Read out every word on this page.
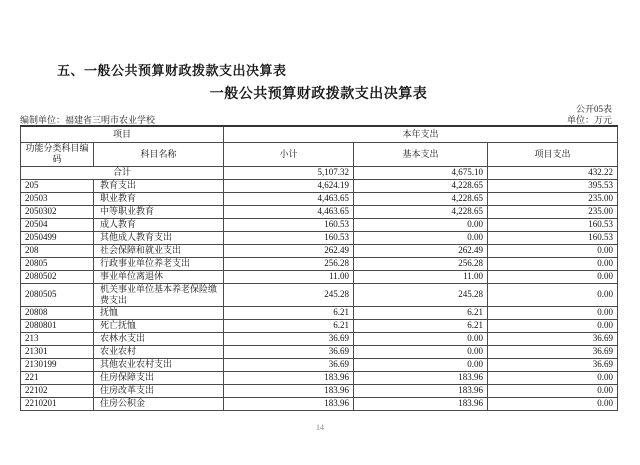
五、一般公共预算财政拨款支出决算表
一般公共预算财政拨款支出决算表
公开05表
编制单位：福建省三明市农业学校	单位：万元
项目		本年支出		
功能分类科目编码	科目名称	小计	基本支出	项目支出
合计		5,107.32	4,675.10	432.22
205	教育支出	4,624.19	4,228.65	395.53
20503	职业教育	4,463.65	4,228.65	235.00
2050302	中等职业教育	4,463.65	4,228.65	235.00
20504	成人教育	160.53	0.00	160.53
2050499	其他成人教育支出	160.53	0.00	160.53
208	社会保障和就业支出	262.49	262.49	0.00
20805	行政事业单位养老支出	256.28	256.28	0.00
2080502	事业单位离退休	11.00	11.00	0.00
2080505	机关事业单位基本养老保险缴费支出	245.28	245.28	0.00
20808	抚恤	6.21	6.21	0.00
2080801	死亡抚恤	6.21	6.21	0.00
213	农林水支出	36.69	0.00	36.69
21301	农业农村	36.69	0.00	36.69
2130199	其他农业农村支出	36.69	0.00	36.69
221	住房保障支出	183.96	183.96	0.00
22102	住房改革支出	183.96	183.96	0.00
2210201	住房公积金	183.96	183.96	0.00
14
